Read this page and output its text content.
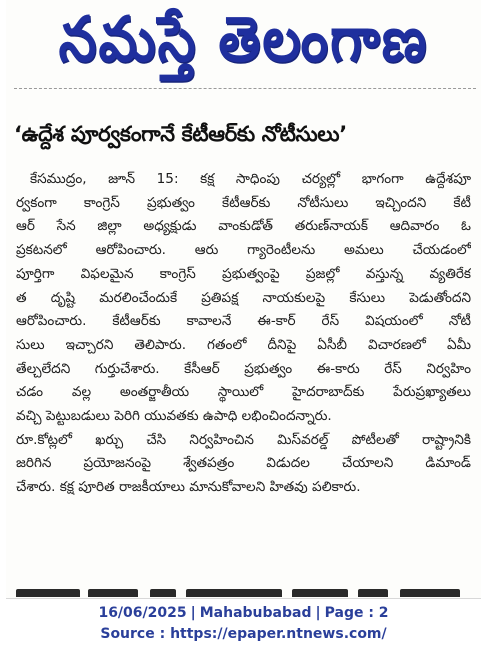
నమస్తే తెలంగాణ
‘ఉద్దేశ పూర్వకంగానే కేటీఆర్‌కు నోటీసులు’
కేసముద్రం, జూన్ 15: కక్ష సాధింపు చర్యల్లో భాగంగా ఉద్దేశపూ
ర్వకంగా కాంగ్రెస్ ప్రభుత్వం కేటీఆర్‌కు నోటీసులు ఇచ్చిందని కేటీ
ఆర్ సేన జిల్లా అధ్యక్షుడు వాంకుడోత్ తరుణ్‌నాయక్ ఆదివారం ఓ
ప్రకటనలో ఆరోపించారు. ఆరు గ్యారెంటీలను అమలు చేయడంలో
పూర్తిగా విఫలమైన కాంగ్రెస్ ప్రభుత్వంపై ప్రజల్లో వస్తున్న వ్యతిరేక
త దృష్టి మరలించేందుకే ప్రతిపక్ష నాయకులపై కేసులు పెడుతోందని
ఆరోపించారు. కేటీఆర్‌కు కావాలనే ఈ-కార్ రేస్ విషయంలో నోటీ
సులు ఇచ్చారని తెలిపారు. గతంలో దీనిపై ఏసీబీ విచారణలో ఏమీ
తేల్చలేదని గుర్తుచేశారు. కేసీఆర్ ప్రభుత్వం ఈ-కారు రేస్ నిర్వహిం
చడం వల్ల అంతర్జాతీయ స్థాయిలో హైదరాబాద్‌కు పేరుప్రఖ్యాతలు
వచ్చి పెట్టుబడులు పెరిగి యువతకు ఉపాధి లభించిందన్నారు.
రూ.కోట్లలో ఖర్చు చేసి నిర్వహించిన మిస్‌వరల్డ్ పోటీలతో రాష్ట్రానికి
జరిగిన ప్రయోజనంపై శ్వేతపత్రం విడుదల చేయాలని డిమాండ్
చేశారు. కక్ష పూరిత రాజకీయాలు మానుకోవాలని హితవు పలికారు.
16/06/2025 | Mahabubabad | Page : 2
Source : https://epaper.ntnews.com/
